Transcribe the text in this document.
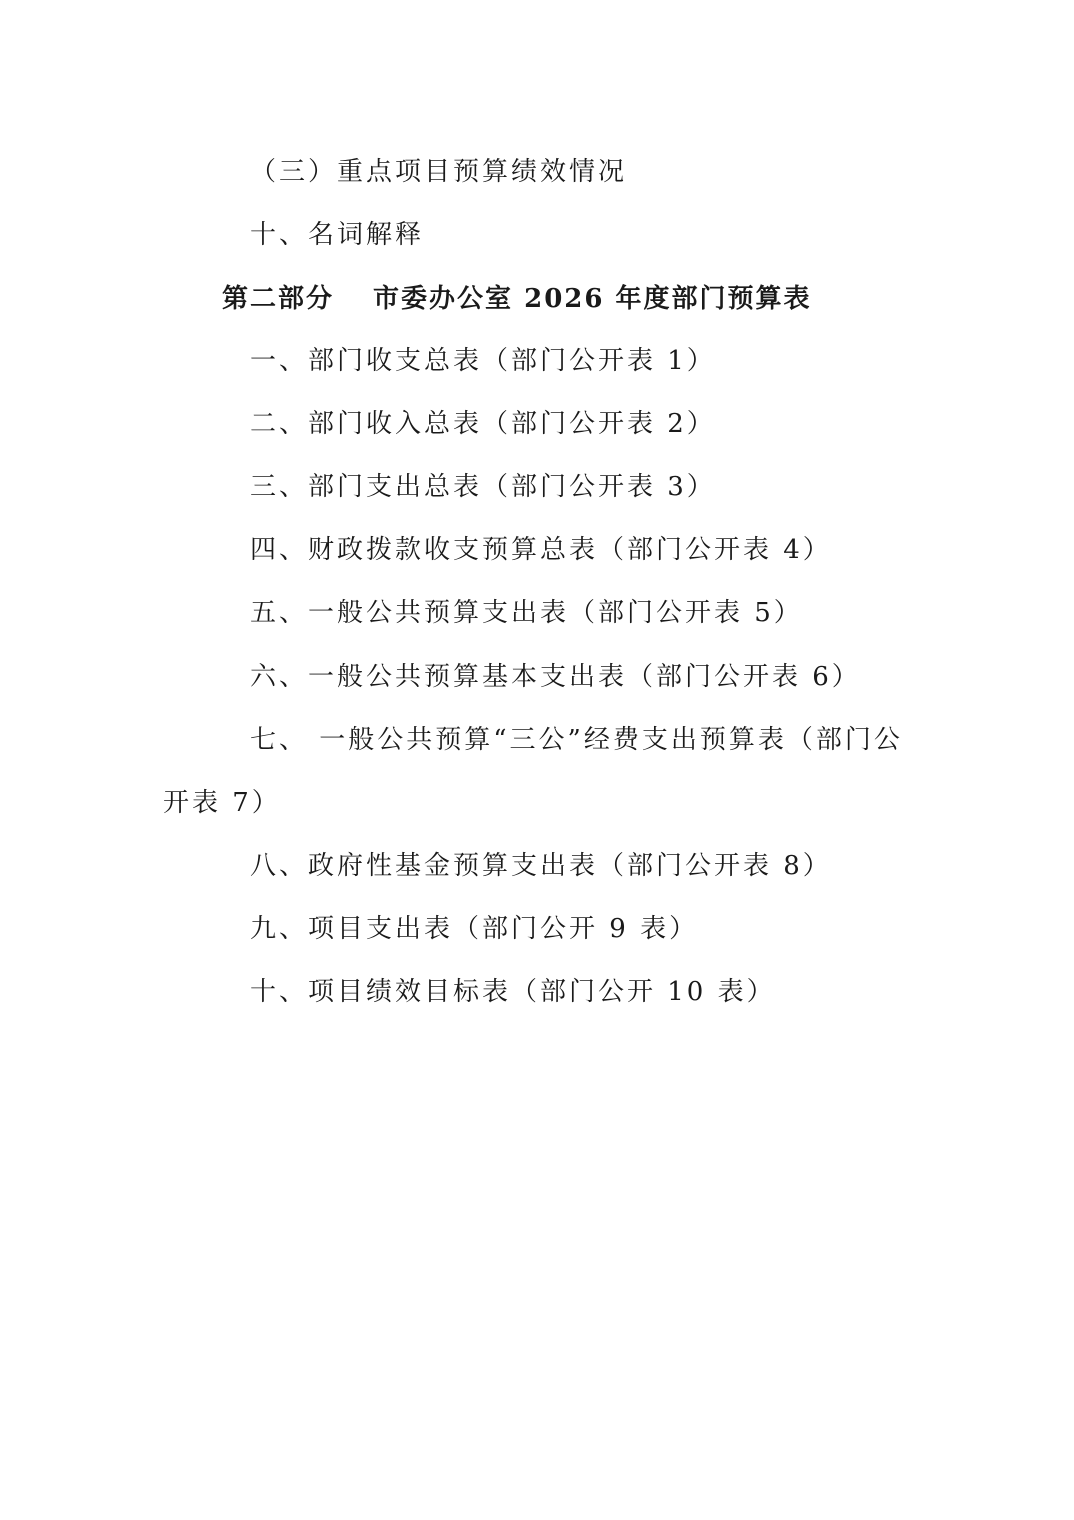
（三）重点项目预算绩效情况
十、名词解释
第二部分　 市委办公室 2026 年度部门预算表
一、部门收支总表（部门公开表 1）
二、部门收入总表（部门公开表 2）
三、部门支出总表（部门公开表 3）
四、财政拨款收支预算总表（部门公开表 4）
五、一般公共预算支出表（部门公开表 5）
六、一般公共预算基本支出表（部门公开表 6）
七、 一般公共预算“三公”经费支出预算表（部门公
开表 7）
八、政府性基金预算支出表（部门公开表 8）
九、项目支出表（部门公开 9 表）
十、项目绩效目标表（部门公开 10 表）
